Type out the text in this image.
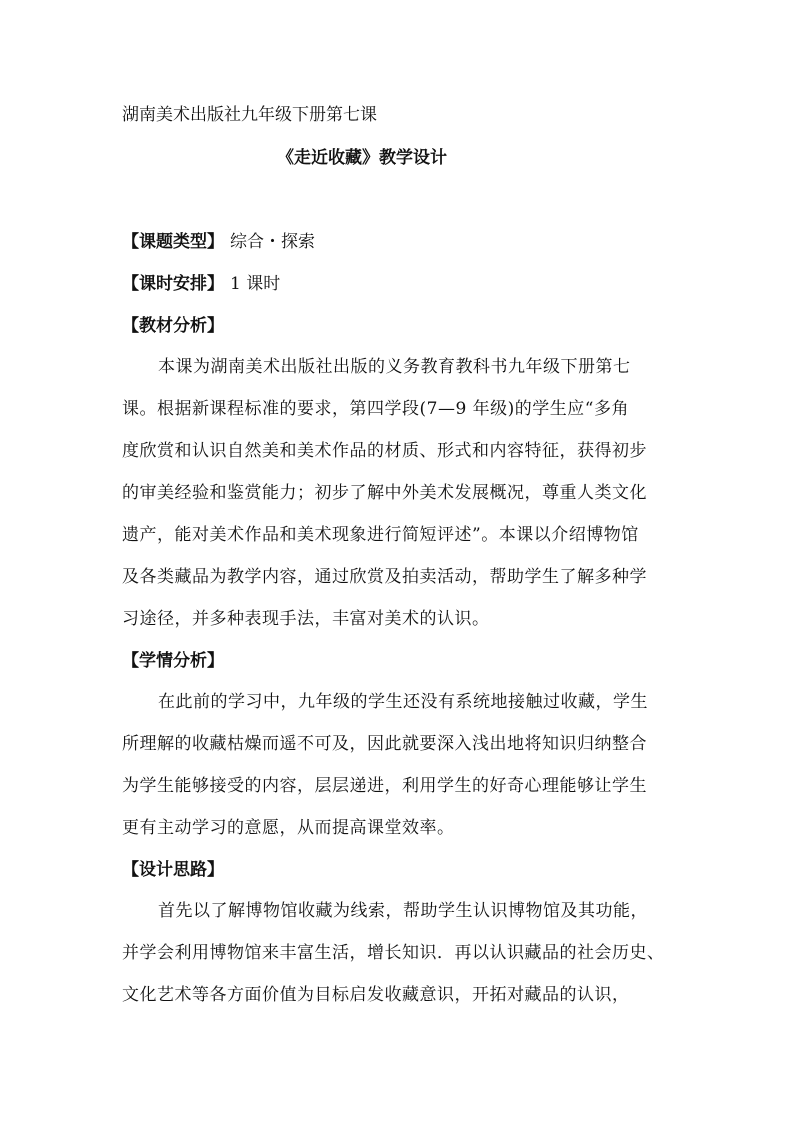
湖南美术出版社九年级下册第七课
《走近收藏》教学设计
【课题类型】 综合・探索
【课时安排】 1 课时
【教材分析】
本课为湖南美术出版社出版的义务教育教科书九年级下册第七
课。根据新课程标准的要求，第四学段(7—9 年级)的学生应“多角
度欣赏和认识自然美和美术作品的材质、形式和内容特征，获得初步
的审美经验和鉴赏能力；初步了解中外美术发展概况，尊重人类文化
遗产，能对美术作品和美术现象进行简短评述”。本课以介绍博物馆
及各类藏品为教学内容，通过欣赏及拍卖活动，帮助学生了解多种学
习途径，并多种表现手法，丰富对美术的认识。
【学情分析】
在此前的学习中，九年级的学生还没有系统地接触过收藏，学生
所理解的收藏枯燥而遥不可及，因此就要深入浅出地将知识归纳整合
为学生能够接受的内容，层层递进，利用学生的好奇心理能够让学生
更有主动学习的意愿，从而提高课堂效率。
【设计思路】
首先以了解博物馆收藏为线索，帮助学生认识博物馆及其功能，
并学会利用博物馆来丰富生活，增长知识．再以认识藏品的社会历史、
文化艺术等各方面价值为目标启发收藏意识，开拓对藏品的认识，
